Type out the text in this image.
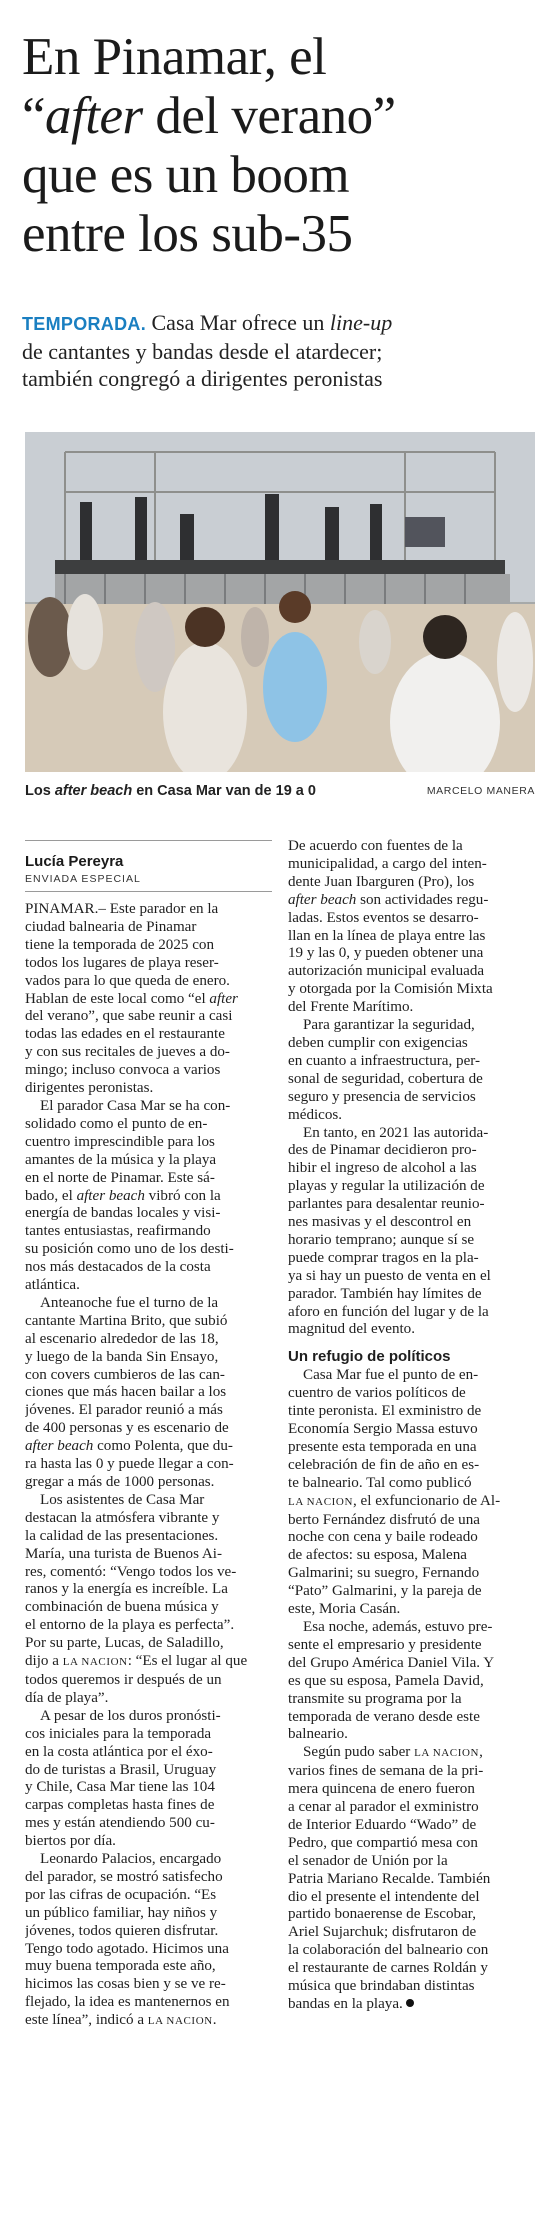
En Pinamar, el
“after del verano”
que es un boom
entre los sub-35
TEMPORADA. Casa Mar ofrece un line-up
de cantantes y bandas desde el atardecer;
también congregó a dirigentes peronistas
Los after beach en Casa Mar van de 19 a 0	MARCELO MANERA
Lucía Pereyra
ENVIADA ESPECIAL
PINAMAR.– Este parador en la
ciudad balnearia de Pinamar
tiene la temporada de 2025 con
todos los lugares de playa reser-
vados para lo que queda de enero.
Hablan de este local como “el after
del verano”, que sabe reunir a casi
todas las edades en el restaurante
y con sus recitales de jueves a do-
mingo; incluso convoca a varios
dirigentes peronistas.
El parador Casa Mar se ha con-
solidado como el punto de en-
cuentro imprescindible para los
amantes de la música y la playa
en el norte de Pinamar. Este sá-
bado, el after beach vibró con la
energía de bandas locales y visi-
tantes entusiastas, reafirmando
su posición como uno de los desti-
nos más destacados de la costa
atlántica.
Anteanoche fue el turno de la
cantante Martina Brito, que subió
al escenario alrededor de las 18,
y luego de la banda Sin Ensayo,
con covers cumbieros de las can-
ciones que más hacen bailar a los
jóvenes. El parador reunió a más
de 400 personas y es escenario de
after beach como Polenta, que du-
ra hasta las 0 y puede llegar a con-
gregar a más de 1000 personas.
Los asistentes de Casa Mar
destacan la atmósfera vibrante y
la calidad de las presentaciones.
María, una turista de Buenos Ai-
res, comentó: “Vengo todos los ve-
ranos y la energía es increíble. La
combinación de buena música y
el entorno de la playa es perfecta”.
Por su parte, Lucas, de Saladillo,
dijo a LA NACION: “Es el lugar al que
todos queremos ir después de un
día de playa”.
A pesar de los duros pronósti-
cos iniciales para la temporada
en la costa atlántica por el éxo-
do de turistas a Brasil, Uruguay
y Chile, Casa Mar tiene las 104
carpas completas hasta fines de
mes y están atendiendo 500 cu-
biertos por día.
Leonardo Palacios, encargado
del parador, se mostró satisfecho
por las cifras de ocupación. “Es
un público familiar, hay niños y
jóvenes, todos quieren disfrutar.
Tengo todo agotado. Hicimos una
muy buena temporada este año,
hicimos las cosas bien y se ve re-
flejado, la idea es mantenernos en
este línea”, indicó a LA NACION.
De acuerdo con fuentes de la
municipalidad, a cargo del inten-
dente Juan Ibarguren (Pro), los
after beach son actividades regu-
ladas. Estos eventos se desarro-
llan en la línea de playa entre las
19 y las 0, y pueden obtener una
autorización municipal evaluada
y otorgada por la Comisión Mixta
del Frente Marítimo.
Para garantizar la seguridad,
deben cumplir con exigencias
en cuanto a infraestructura, per-
sonal de seguridad, cobertura de
seguro y presencia de servicios
médicos.
En tanto, en 2021 las autorida-
des de Pinamar decidieron pro-
hibir el ingreso de alcohol a las
playas y regular la utilización de
parlantes para desalentar reunio-
nes masivas y el descontrol en
horario temprano; aunque sí se
puede comprar tragos en la pla-
ya si hay un puesto de venta en el
parador. También hay límites de
aforo en función del lugar y de la
magnitud del evento.
Un refugio de políticos
Casa Mar fue el punto de en-
cuentro de varios políticos de
tinte peronista. El exministro de
Economía Sergio Massa estuvo
presente esta temporada en una
celebración de fin de año en es-
te balneario. Tal como publicó
LA NACION, el exfuncionario de Al-
berto Fernández disfrutó de una
noche con cena y baile rodeado
de afectos: su esposa, Malena
Galmarini; su suegro, Fernando
“Pato” Galmarini, y la pareja de
este, Moria Casán.
Esa noche, además, estuvo pre-
sente el empresario y presidente
del Grupo América Daniel Vila. Y
es que su esposa, Pamela David,
transmite su programa por la
temporada de verano desde este
balneario.
Según pudo saber LA NACION,
varios fines de semana de la pri-
mera quincena de enero fueron
a cenar al parador el exministro
de Interior Eduardo “Wado” de
Pedro, que compartió mesa con
el senador de Unión por la
Patria Mariano Recalde. También
dio el presente el intendente del
partido bonaerense de Escobar,
Ariel Sujarchuk; disfrutaron de
la colaboración del balneario con
el restaurante de carnes Roldán y
música que brindaban distintas
bandas en la playa.
